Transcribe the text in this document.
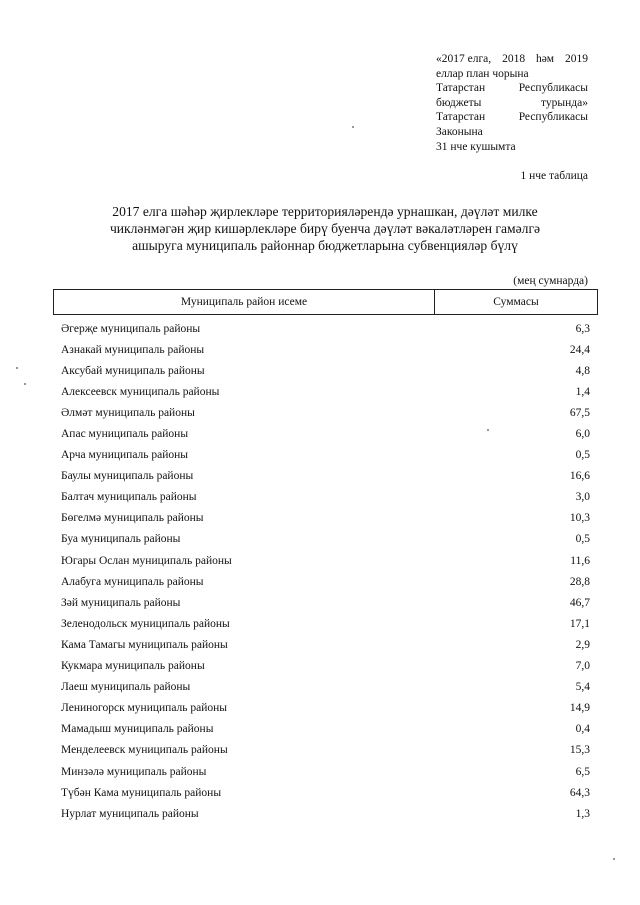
«2017 елга, 2018 һәм 2019
еллар план чорына
Татарстан	Республикасы
бюджеты	турында»
Татарстан	Республикасы
Законына
31 нче кушымта
1 нче таблица
2017 елга шәһәр җирлекләре территорияләрендә урнашкан, дәүләт милке
чикләнмәгән җир кишәрлекләре бирү буенча дәүләт вәкаләтләрен гамәлгә
ашыруга муниципаль районнар бюджетларына субвенцияләр бүлү
(мең сумнарда)
Муниципаль район исеме	Суммасы
Әгерҗе муниципаль районы	6,3
Азнакай муниципаль районы	24,4
Аксубай муниципаль районы	4,8
Алексеевск муниципаль районы	1,4
Әлмәт муниципаль районы	67,5
Апас муниципаль районы	6,0
Арча муниципаль районы	0,5
Баулы муниципаль районы	16,6
Балтач муниципаль районы	3,0
Бөгелмә муниципаль районы	10,3
Буа муниципаль районы	0,5
Югары Ослан муниципаль районы	11,6
Алабуга муниципаль районы	28,8
Зәй муниципаль районы	46,7
Зеленодольск муниципаль районы	17,1
Кама Тамагы муниципаль районы	2,9
Кукмара муниципаль районы	7,0
Лаеш муниципаль районы	5,4
Лениногорск муниципаль районы	14,9
Мамадыш муниципаль районы	0,4
Менделеевск муниципаль районы	15,3
Минзәлә муниципаль районы	6,5
Түбән Кама муниципаль районы	64,3
Нурлат муниципаль районы	1,3
